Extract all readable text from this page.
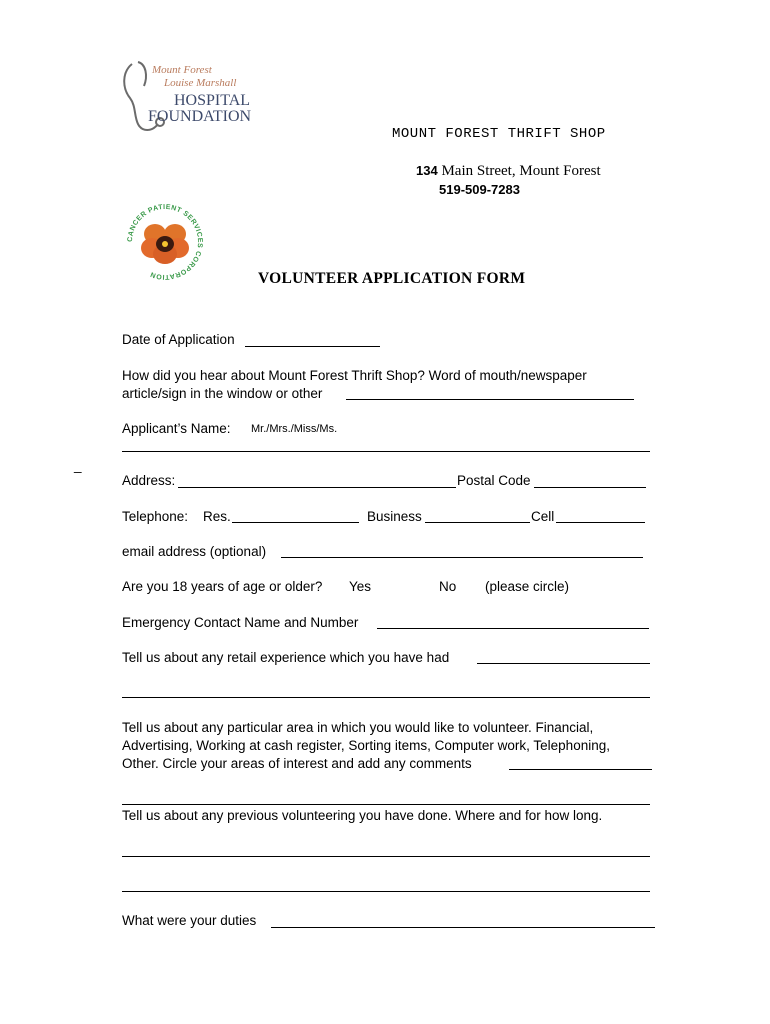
Mount Forest
Louise Marshall
HOSPITAL
FOUNDATION
MOUNT FOREST THRIFT SHOP
134 Main Street, Mount Forest
519-509-7283
CANCER PATIENT SERVICES CORPORATION	VOLUNTEER APPLICATION FORM
Date of Application
How did you hear about Mount Forest Thrift Shop? Word of mouth/newspaper
article/sign in the window or other
Applicant’s Name: Mr./Mrs./Miss/Ms.
_
Address:	Postal Code
Telephone: Res.	Business	Cell
email address (optional)
Are you 18 years of age or older? Yes	No (please circle)
Emergency Contact Name and Number
Tell us about any retail experience which you have had
Tell us about any particular area in which you would like to volunteer. Financial,
Advertising, Working at cash register, Sorting items, Computer work, Telephoning,
Other. Circle your areas of interest and add any comments
Tell us about any previous volunteering you have done. Where and for how long.
What were your duties
